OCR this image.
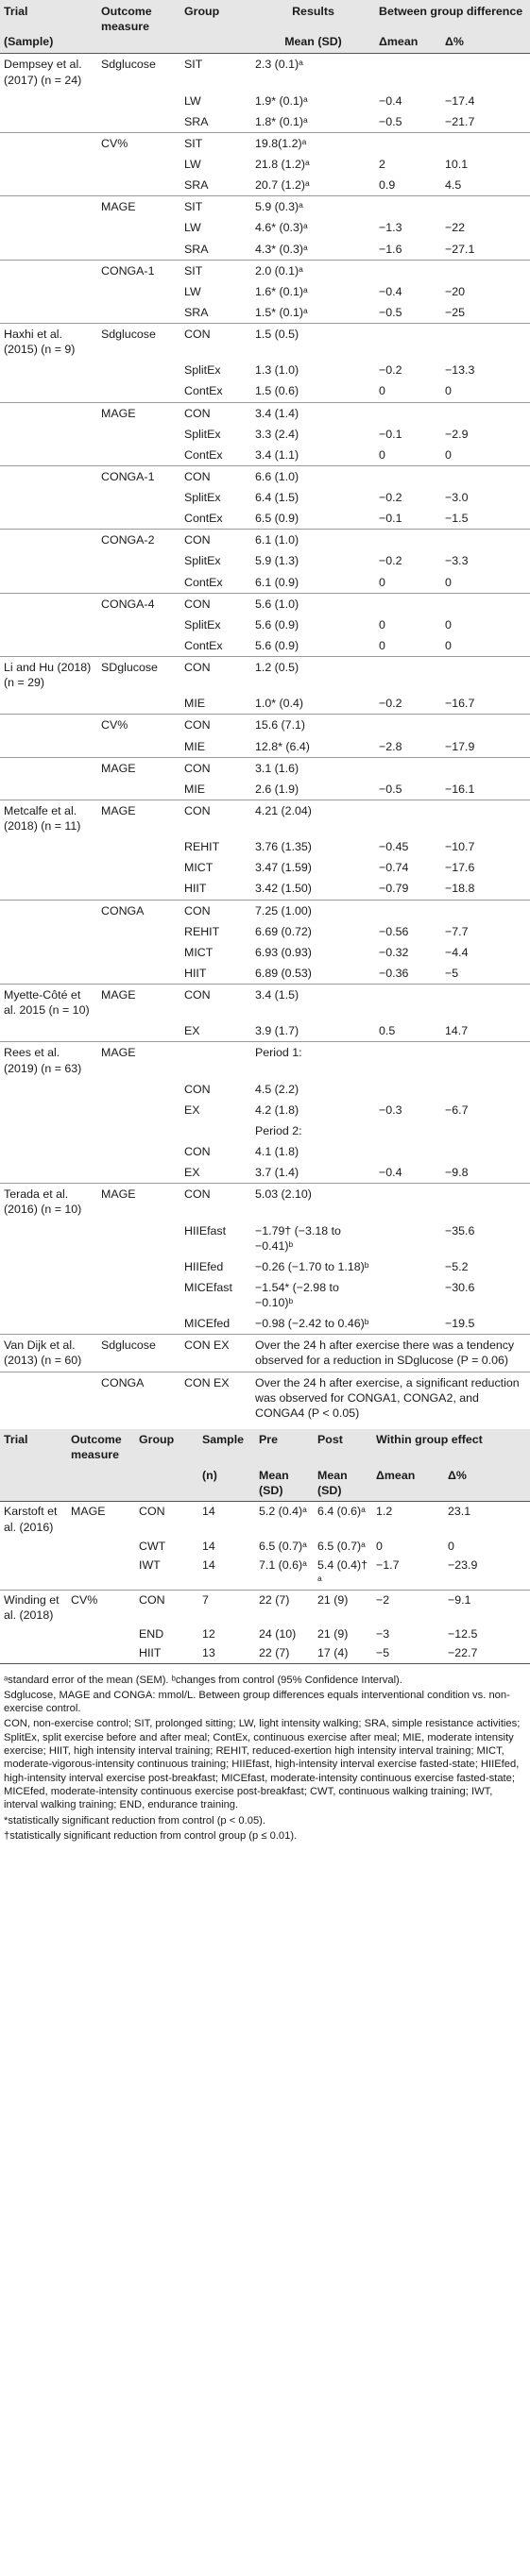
Trial	Outcome measure	Group	Results	Between group difference	
(Sample)			Mean (SD)	Δmean	Δ%
Dempsey et al. (2017) (n = 24)	Sdglucose	SIT	2.3 (0.1)ᵃ		
		LW	1.9* (0.1)ᵃ	−0.4	−17.4
		SRA	1.8* (0.1)ᵃ	−0.5	−21.7
	CV%	SIT	19.8(1.2)ᵃ		
		LW	21.8 (1.2)ᵃ	2	10.1
		SRA	20.7 (1.2)ᵃ	0.9	4.5
	MAGE	SIT	5.9 (0.3)ᵃ		
		LW	4.6* (0.3)ᵃ	−1.3	−22
		SRA	4.3* (0.3)ᵃ	−1.6	−27.1
	CONGA-1	SIT	2.0 (0.1)ᵃ		
		LW	1.6* (0.1)ᵃ	−0.4	−20
		SRA	1.5* (0.1)ᵃ	−0.5	−25
Haxhi et al. (2015) (n = 9)	Sdglucose	CON	1.5 (0.5)		
		SplitEx	1.3 (1.0)	−0.2	−13.3
		ContEx	1.5 (0.6)	0	0
	MAGE	CON	3.4 (1.4)		
		SplitEx	3.3 (2.4)	−0.1	−2.9
		ContEx	3.4 (1.1)	0	0
	CONGA-1	CON	6.6 (1.0)		
		SplitEx	6.4 (1.5)	−0.2	−3.0
		ContEx	6.5 (0.9)	−0.1	−1.5
	CONGA-2	CON	6.1 (1.0)		
		SplitEx	5.9 (1.3)	−0.2	−3.3
		ContEx	6.1 (0.9)	0	0
	CONGA-4	CON	5.6 (1.0)		
		SplitEx	5.6 (0.9)	0	0
		ContEx	5.6 (0.9)	0	0
Li and Hu (2018) (n = 29)	SDglucose	CON	1.2 (0.5)		
		MIE	1.0* (0.4)	−0.2	−16.7
	CV%	CON	15.6 (7.1)		
		MIE	12.8* (6.4)	−2.8	−17.9
	MAGE	CON	3.1 (1.6)		
		MIE	2.6 (1.9)	−0.5	−16.1
Metcalfe et al. (2018) (n = 11)	MAGE	CON	4.21 (2.04)		
		REHIT	3.76 (1.35)	−0.45	−10.7
		MICT	3.47 (1.59)	−0.74	−17.6
		HIIT	3.42 (1.50)	−0.79	−18.8
	CONGA	CON	7.25 (1.00)		
		REHIT	6.69 (0.72)	−0.56	−7.7
		MICT	6.93 (0.93)	−0.32	−4.4
		HIIT	6.89 (0.53)	−0.36	−5
Myette-Côté et al. 2015 (n = 10)	MAGE	CON	3.4 (1.5)		
		EX	3.9 (1.7)	0.5	14.7
Rees et al. (2019) (n = 63)	MAGE		Period 1:		
		CON	4.5 (2.2)		
		EX	4.2 (1.8)	−0.3	−6.7
			Period 2:		
		CON	4.1 (1.8)		
		EX	3.7 (1.4)	−0.4	−9.8
Terada et al. (2016) (n = 10)	MAGE	CON	5.03 (2.10)		
		HIIEfast	−1.79† (−3.18 to −0.41)ᵇ		−35.6
		HIIEfed	−0.26 (−1.70 to 1.18)ᵇ		−5.2
		MICEfast	−1.54* (−2.98 to −0.10)ᵇ		−30.6
		MICEfed	−0.98 (−2.42 to 0.46)ᵇ		−19.5
Van Dijk et al. (2013) (n = 60)	Sdglucose	CON EX	Over the 24 h after exercise there was a tendency observed for a reduction in SDglucose (P = 0.06)		
	CONGA	CON EX	Over the 24 h after exercise, a significant reduction was observed for CONGA1, CONGA2, and CONGA4 (P < 0.05)		
Trial	Outcome measure	Group	Sample	Pre	Post	Within group effect	
			(n)	Mean (SD)	Mean (SD)	Δmean	Δ%
Karstoft et al. (2016)	MAGE	CON	14	5.2 (0.4)ᵃ	6.4 (0.6)ᵃ	1.2	23.1
		CWT	14	6.5 (0.7)ᵃ	6.5 (0.7)ᵃ	0	0
		IWT	14	7.1 (0.6)ᵃ	5.4 (0.4)† ᵃ	−1.7	−23.9
Winding et al. (2018)	CV%	CON	7	22 (7)	21 (9)	−2	−9.1
		END	12	24 (10)	21 (9)	−3	−12.5
		HIIT	13	22 (7)	17 (4)	−5	−22.7

ᵃstandard error of the mean (SEM). ᵇchanges from control (95% Confidence Interval).

Sdglucose, MAGE and CONGA: mmol/L. Between group differences equals interventional condition vs. non-exercise control.

CON, non-exercise control; SIT, prolonged sitting; LW, light intensity walking; SRA, simple resistance activities; SplitEx, split exercise before and after meal; ContEx, continuous exercise after meal; MIE, moderate intensity exercise; HIIT, high intensity interval training; REHIT, reduced-exertion high intensity interval training; MICT, moderate-vigorous-intensity continuous training; HIIEfast, high-intensity interval exercise fasted-state; HIIEfed, high-intensity interval exercise post-breakfast; MICEfast, moderate-intensity continuous exercise fasted-state; MICEfed, moderate-intensity continuous exercise post-breakfast; CWT, continuous walking training; IWT, interval walking training; END, endurance training.

*statistically significant reduction from control (p < 0.05).

†statistically significant reduction from control group (p ≤ 0.01).
